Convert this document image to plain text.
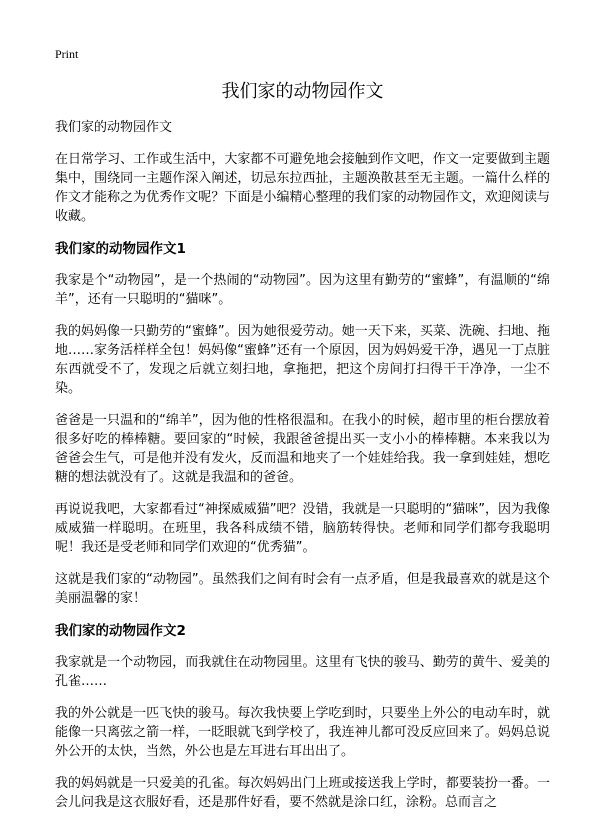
Print
我们家的动物园作文

我们家的动物园作文

在日常学习、工作或生活中，大家都不可避免地会接触到作文吧，作文一定要做到主题集中，围绕同一主题作深入阐述，切忌东拉西扯，主题涣散甚至无主题。一篇什么样的作文才能称之为优秀作文呢？下面是小编精心整理的我们家的动物园作文，欢迎阅读与收藏。

我们家的动物园作文1

我家是个“动物园”，是一个热闹的“动物园”。因为这里有勤劳的“蜜蜂”，有温顺的“绵羊”，还有一只聪明的“猫咪”。

我的妈妈像一只勤劳的“蜜蜂”。因为她很爱劳动。她一天下来，买菜、洗碗、扫地、拖地……家务活样样全包！妈妈像“蜜蜂”还有一个原因，因为妈妈爱干净，遇见一丁点脏东西就受不了，发现之后就立刻扫地，拿拖把，把这个房间打扫得干干净净，一尘不染。

爸爸是一只温和的“绵羊”，因为他的性格很温和。在我小的时候，超市里的柜台摆放着很多好吃的棒棒糖。要回家的“时候，我跟爸爸提出买一支小小的棒棒糖。本来我以为爸爸会生气，可是他并没有发火，反而温和地夹了一个娃娃给我。我一拿到娃娃，想吃糖的想法就没有了。这就是我温和的爸爸。

再说说我吧，大家都看过“神探威威猫”吧？没错，我就是一只聪明的“猫咪”，因为我像威威猫一样聪明。在班里，我各科成绩不错，脑筋转得快。老师和同学们都夸我聪明呢！我还是受老师和同学们欢迎的“优秀猫”。

这就是我们家的“动物园”。虽然我们之间有时会有一点矛盾，但是我最喜欢的就是这个美丽温馨的家！

我们家的动物园作文2

我家就是一个动物园，而我就住在动物园里。这里有飞快的骏马、勤劳的黄牛、爱美的孔雀……

我的外公就是一匹飞快的骏马。每次我快要上学吃到时，只要坐上外公的电动车时，就能像一只离弦之箭一样，一眨眼就飞到学校了，我连神儿都可没反应回来了。妈妈总说外公开的太快，当然，外公也是左耳进右耳出出了。

我的妈妈就是一只爱美的孔雀。每次妈妈出门上班或接送我上学时，都要装扮一番。一会儿问我是这衣服好看，还是那件好看，要不然就是涂口红，涂粉。总而言之
